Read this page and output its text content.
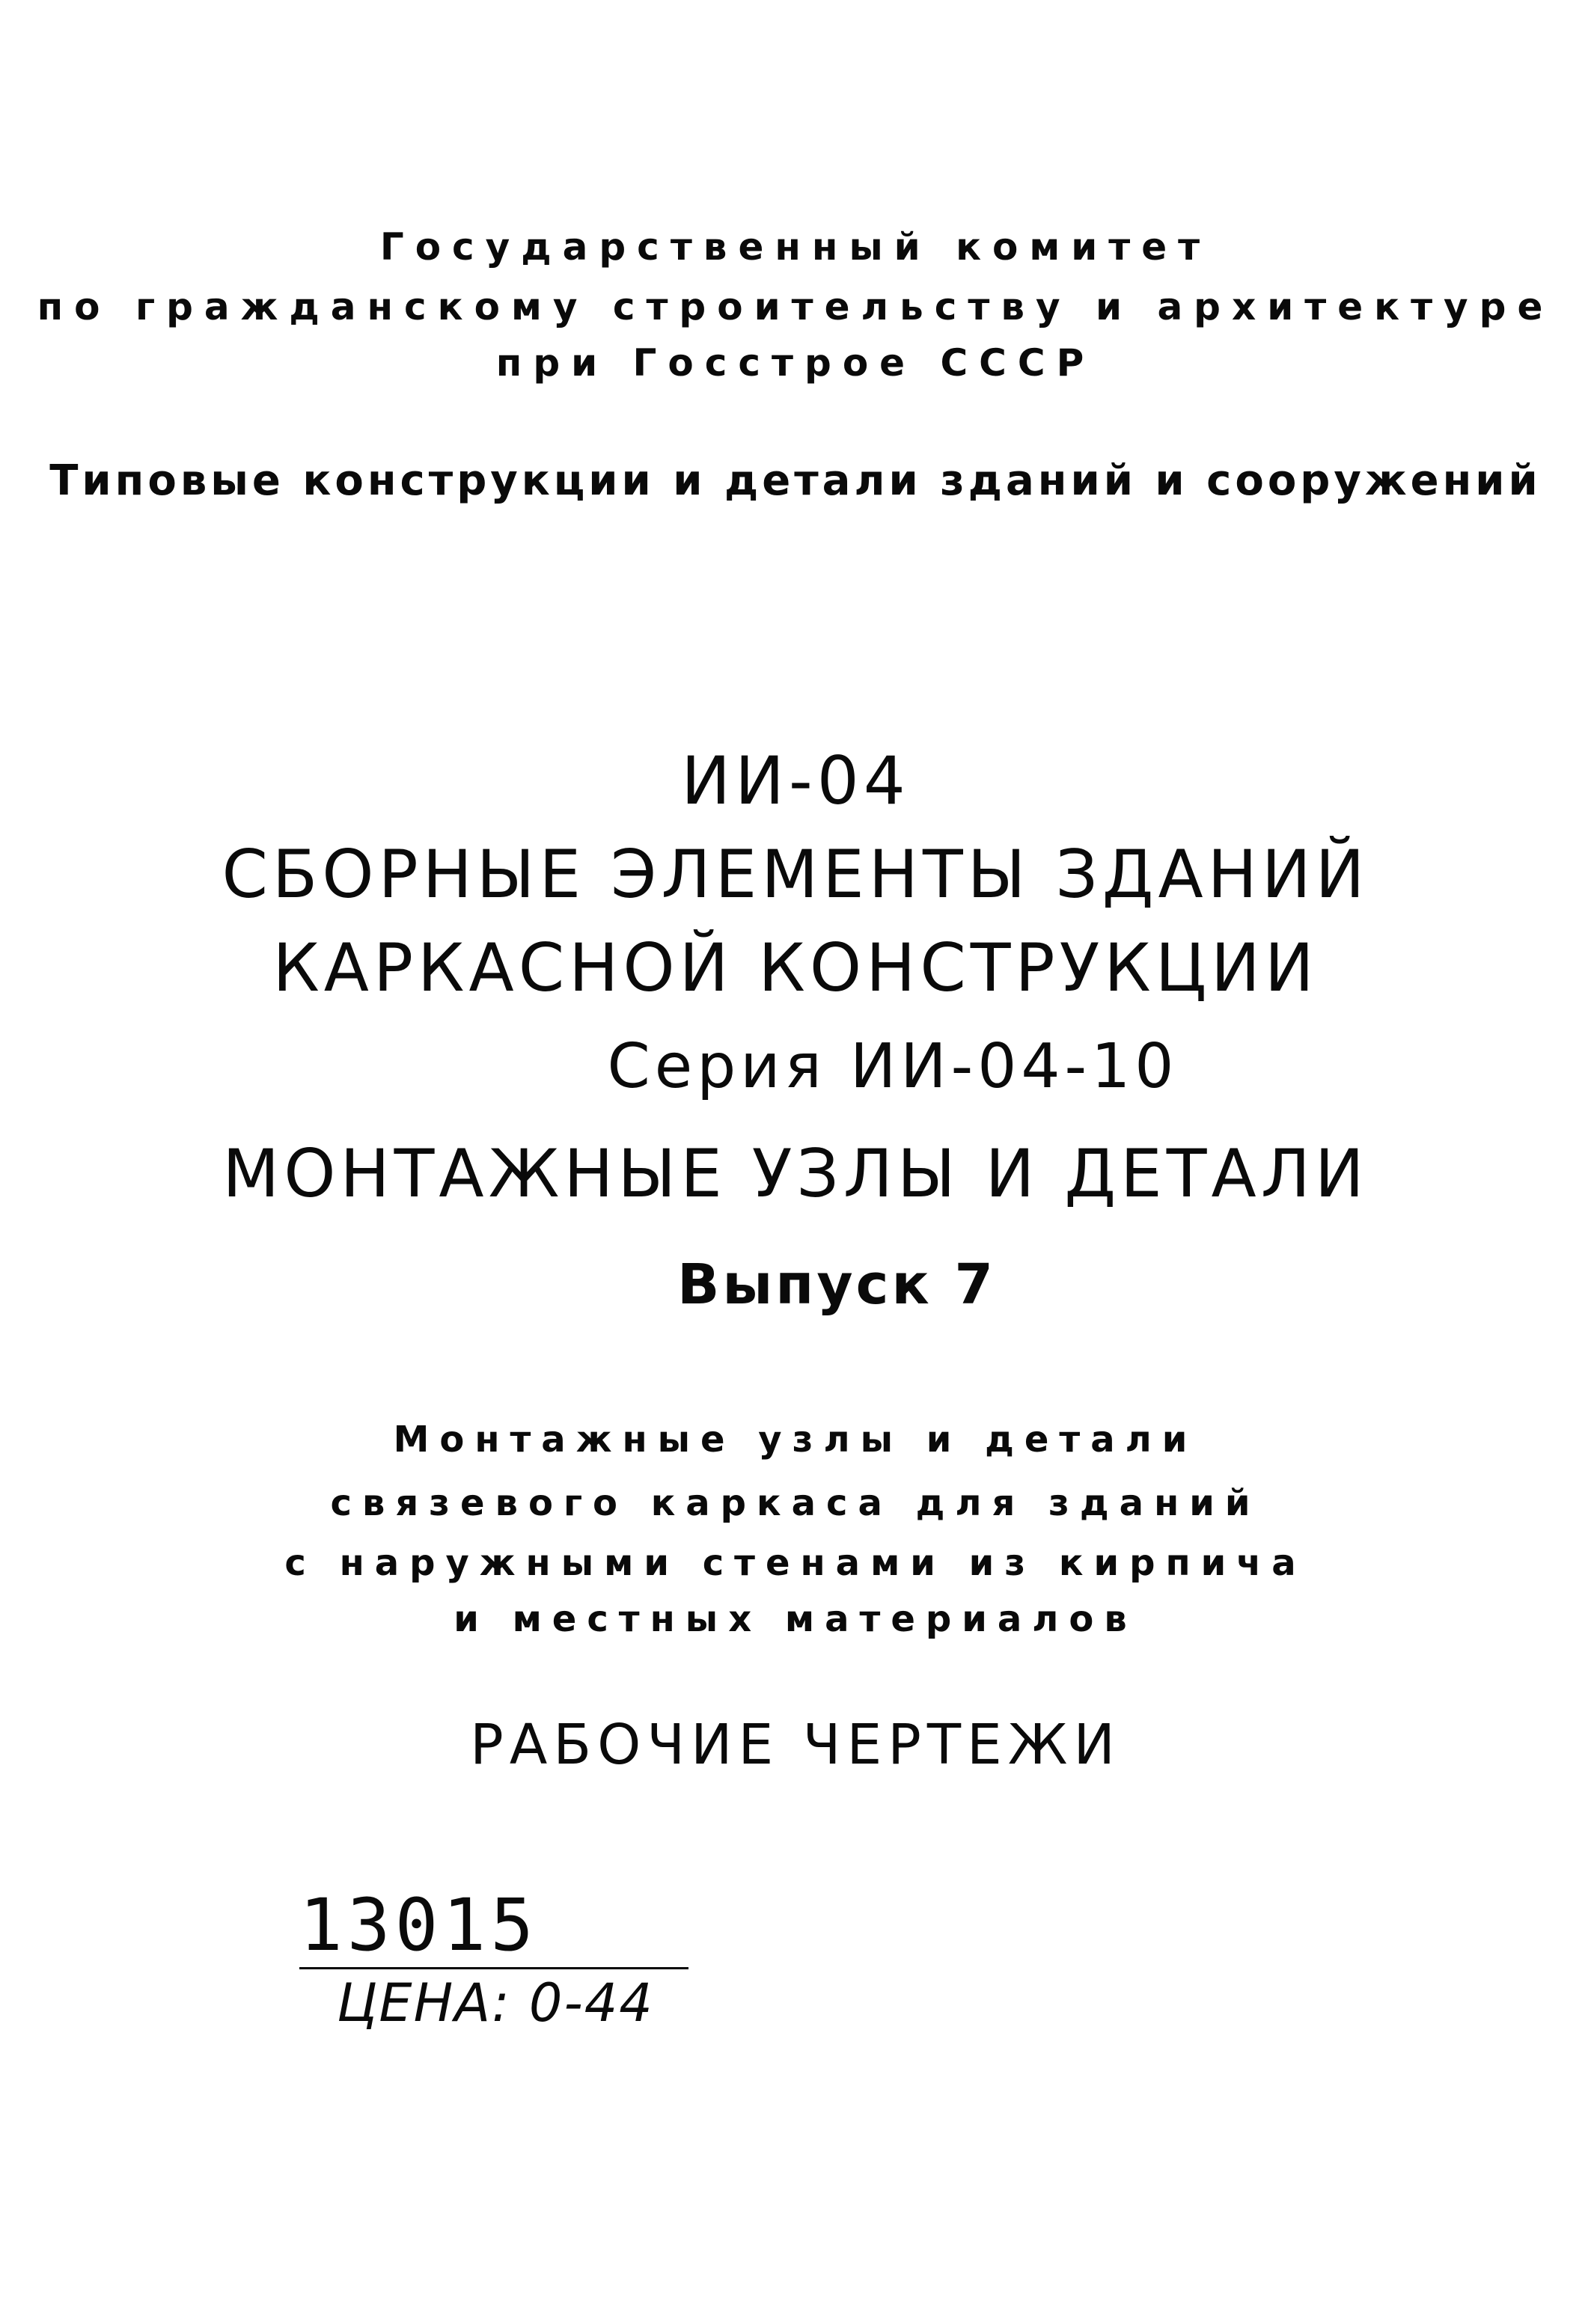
Государственный комитет
по гражданскому строительству и архитектуре
при Госстрое СССР
Типовые конструкции и детали зданий и сооружений
ИИ-04
СБОРНЫЕ ЭЛЕМЕНТЫ ЗДАНИЙ
КАРКАСНОЙ КОНСТРУКЦИИ
Серия ИИ-04-10
МОНТАЖНЫЕ УЗЛЫ И ДЕТАЛИ
Выпуск 7
Монтажные узлы и детали
связевого каркаса для зданий
с наружными стенами из кирпича
и местных материалов
РАБОЧИЕ ЧЕРТЕЖИ
13015
ЦЕНА: 0-44
